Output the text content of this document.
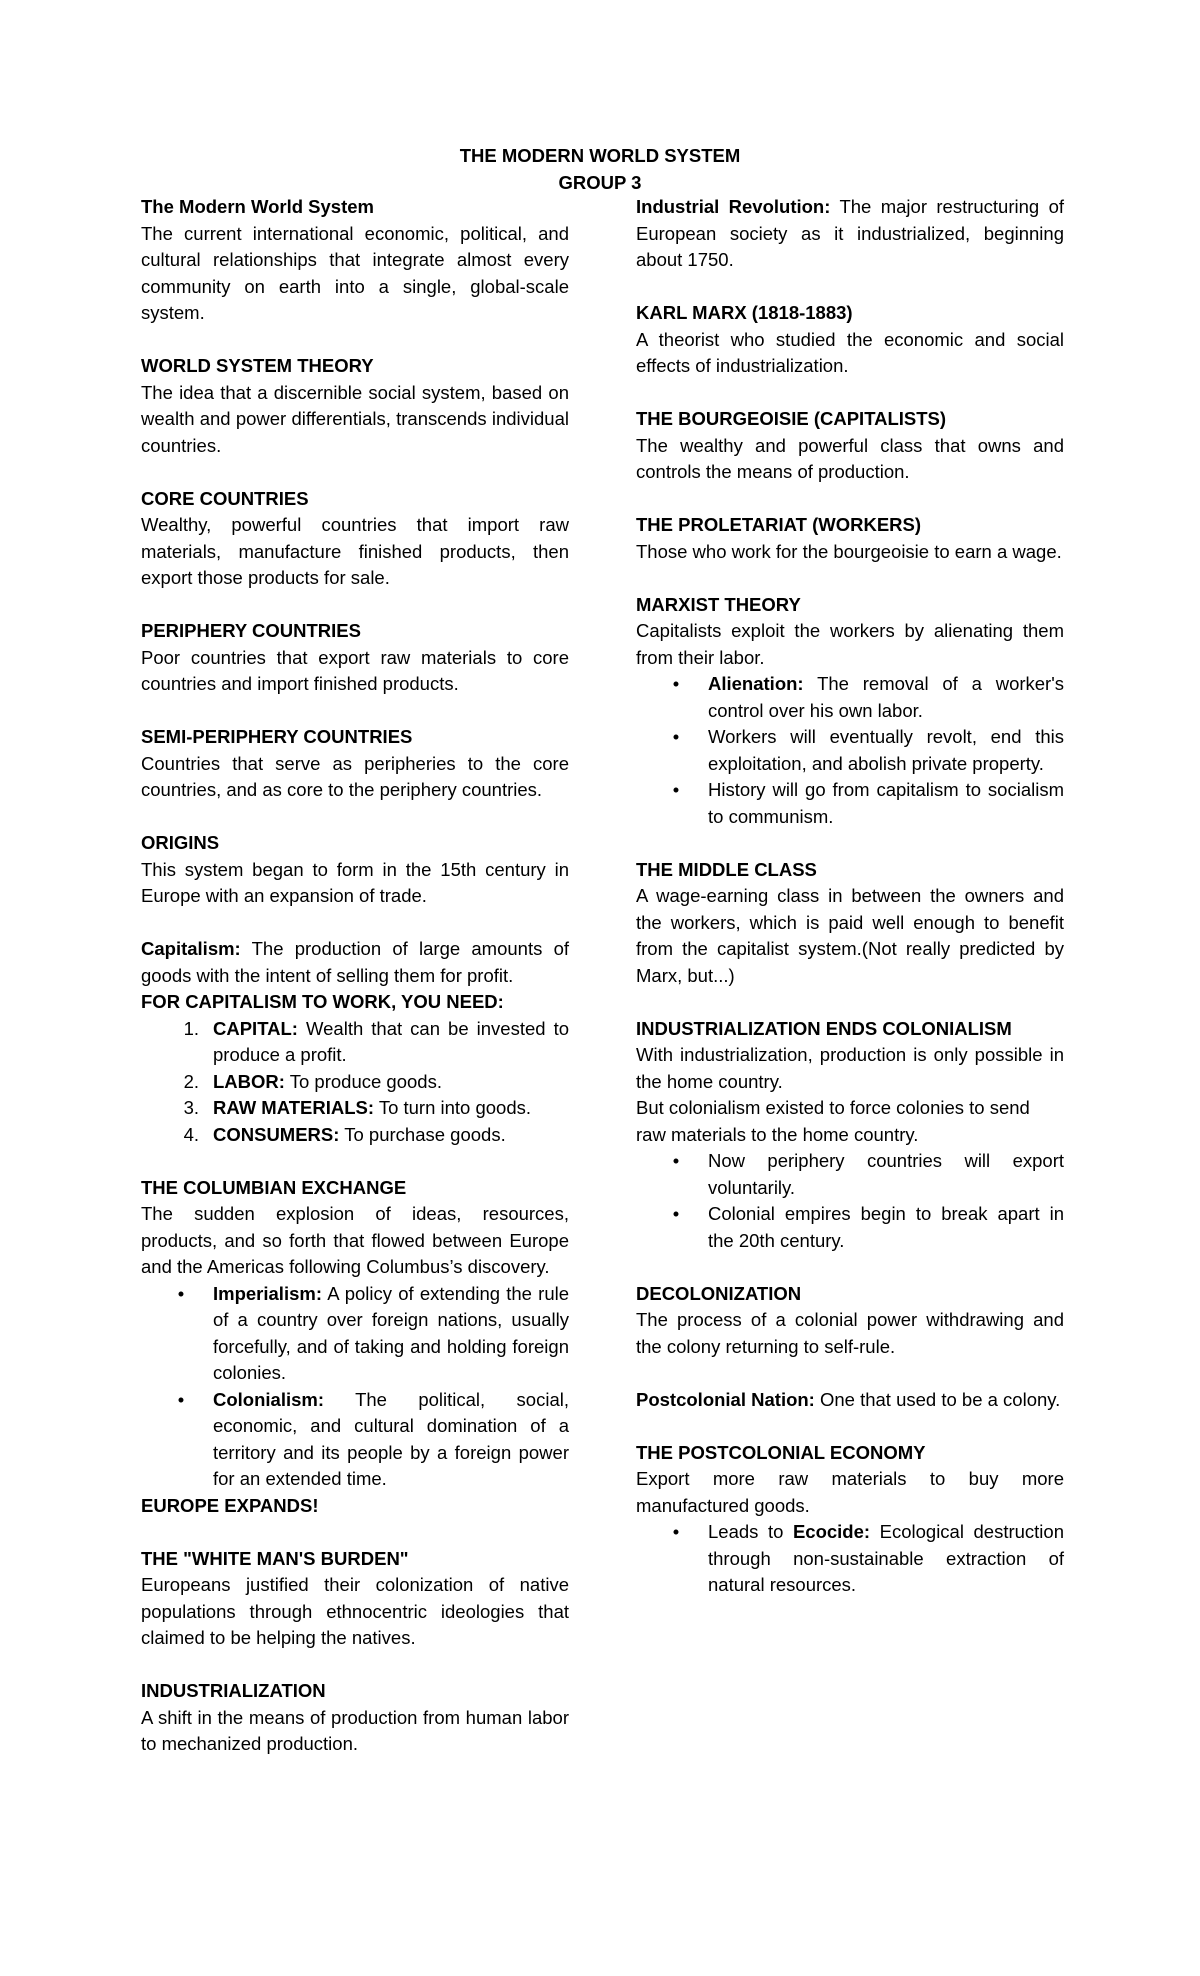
THE MODERN WORLD SYSTEM
GROUP 3

The Modern World System

The current international economic, political, and cultural relationships that integrate almost every community on earth into a single, global-scale system.

WORLD SYSTEM THEORY

The idea that a discernible social system, based on wealth and power differentials, transcends individual countries.

CORE COUNTRIES

Wealthy, powerful countries that import raw materials, manufacture finished products, then export those products for sale.

PERIPHERY COUNTRIES

Poor countries that export raw materials to core countries and import finished products.

SEMI-PERIPHERY COUNTRIES

Countries that serve as peripheries to the core countries, and as core to the periphery countries.

ORIGINS

This system began to form in the 15th century in Europe with an expansion of trade.

Capitalism: The production of large amounts of goods with the intent of selling them for profit.

FOR CAPITALISM TO WORK, YOU NEED:

1. CAPITAL: Wealth that can be invested to produce a profit.
2. LABOR: To produce goods.
3. RAW MATERIALS: To turn into goods.
4. CONSUMERS: To purchase goods.

THE COLUMBIAN EXCHANGE

The sudden explosion of ideas, resources, products, and so forth that flowed between Europe and the Americas following Columbus’s discovery.

• Imperialism: A policy of extending the rule of a country over foreign nations, usually forcefully, and of taking and holding foreign colonies.
• Colonialism: The political, social, economic, and cultural domination of a territory and its people by a foreign power for an extended time.

EUROPE EXPANDS!

THE "WHITE MAN'S BURDEN"

Europeans justified their colonization of native populations through ethnocentric ideologies that claimed to be helping the natives.

INDUSTRIALIZATION

A shift in the means of production from human labor to mechanized production.

Industrial Revolution: The major restructuring of European society as it industrialized, beginning about 1750.

KARL MARX (1818-1883)

A theorist who studied the economic and social effects of industrialization.

THE BOURGEOISIE (CAPITALISTS)

The wealthy and powerful class that owns and controls the means of production.

THE PROLETARIAT (WORKERS)

Those who work for the bourgeoisie to earn a wage.

MARXIST THEORY

Capitalists exploit the workers by alienating them from their labor.

• Alienation: The removal of a worker's control over his own labor.
• Workers will eventually revolt, end this exploitation, and abolish private property.
• History will go from capitalism to socialism to communism.

THE MIDDLE CLASS

A wage-earning class in between the owners and the workers, which is paid well enough to benefit from the capitalist system.(Not really predicted by Marx, but...)

INDUSTRIALIZATION ENDS COLONIALISM

With industrialization, production is only possible in the home country.

But colonialism existed to force colonies to send raw materials to the home country.

• Now periphery countries will export voluntarily.
• Colonial empires begin to break apart in the 20th century.

DECOLONIZATION

The process of a colonial power withdrawing and the colony returning to self-rule.

Postcolonial Nation: One that used to be a colony.

THE POSTCOLONIAL ECONOMY

Export more raw materials to buy more manufactured goods.

• Leads to Ecocide: Ecological destruction through non-sustainable extraction of natural resources.
